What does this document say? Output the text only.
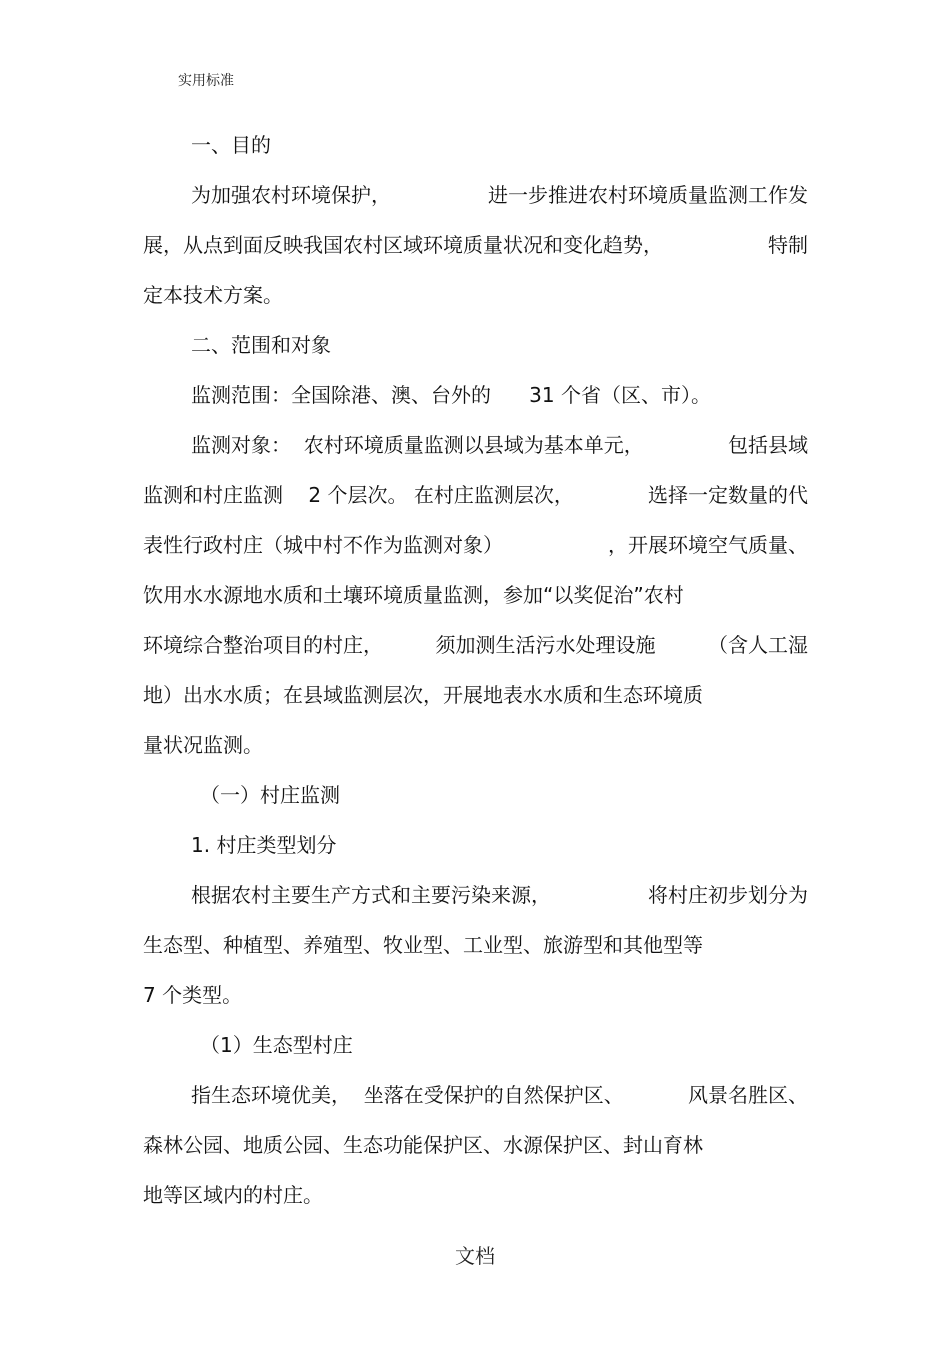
实用标准
一、目的
为加强农村环境保护，	进一步推进农村环境质量监测工作发
展，从点到面反映我国农村区域环境质量状况和变化趋势，	特制
定本技术方案。
二、范围和对象
监测范围：全国除港、澳、台外的      31 个省（区、市）。
监测对象：  农村环境质量监测以县域为基本单元，	包括县域
监测和村庄监测    2 个层次。 在村庄监测层次，	选择一定数量的代
表性行政村庄（城中村不作为监测对象）	，开展环境空气质量、
饮用水水源地水质和土壤环境质量监测，参加“以奖促治”农村
环境综合整治项目的村庄，	须加测生活污水处理设施	（含人工湿
地）出水水质；在县域监测层次，开展地表水水质和生态环境质
量状况监测。
（一）村庄监测
1. 村庄类型划分
根据农村主要生产方式和主要污染来源，	将村庄初步划分为
生态型、种植型、养殖型、牧业型、工业型、旅游型和其他型等
7 个类型。
（1）生态型村庄
指生态环境优美，  坐落在受保护的自然保护区、	风景名胜区、
森林公园、地质公园、生态功能保护区、水源保护区、封山育林
地等区域内的村庄。
文档
